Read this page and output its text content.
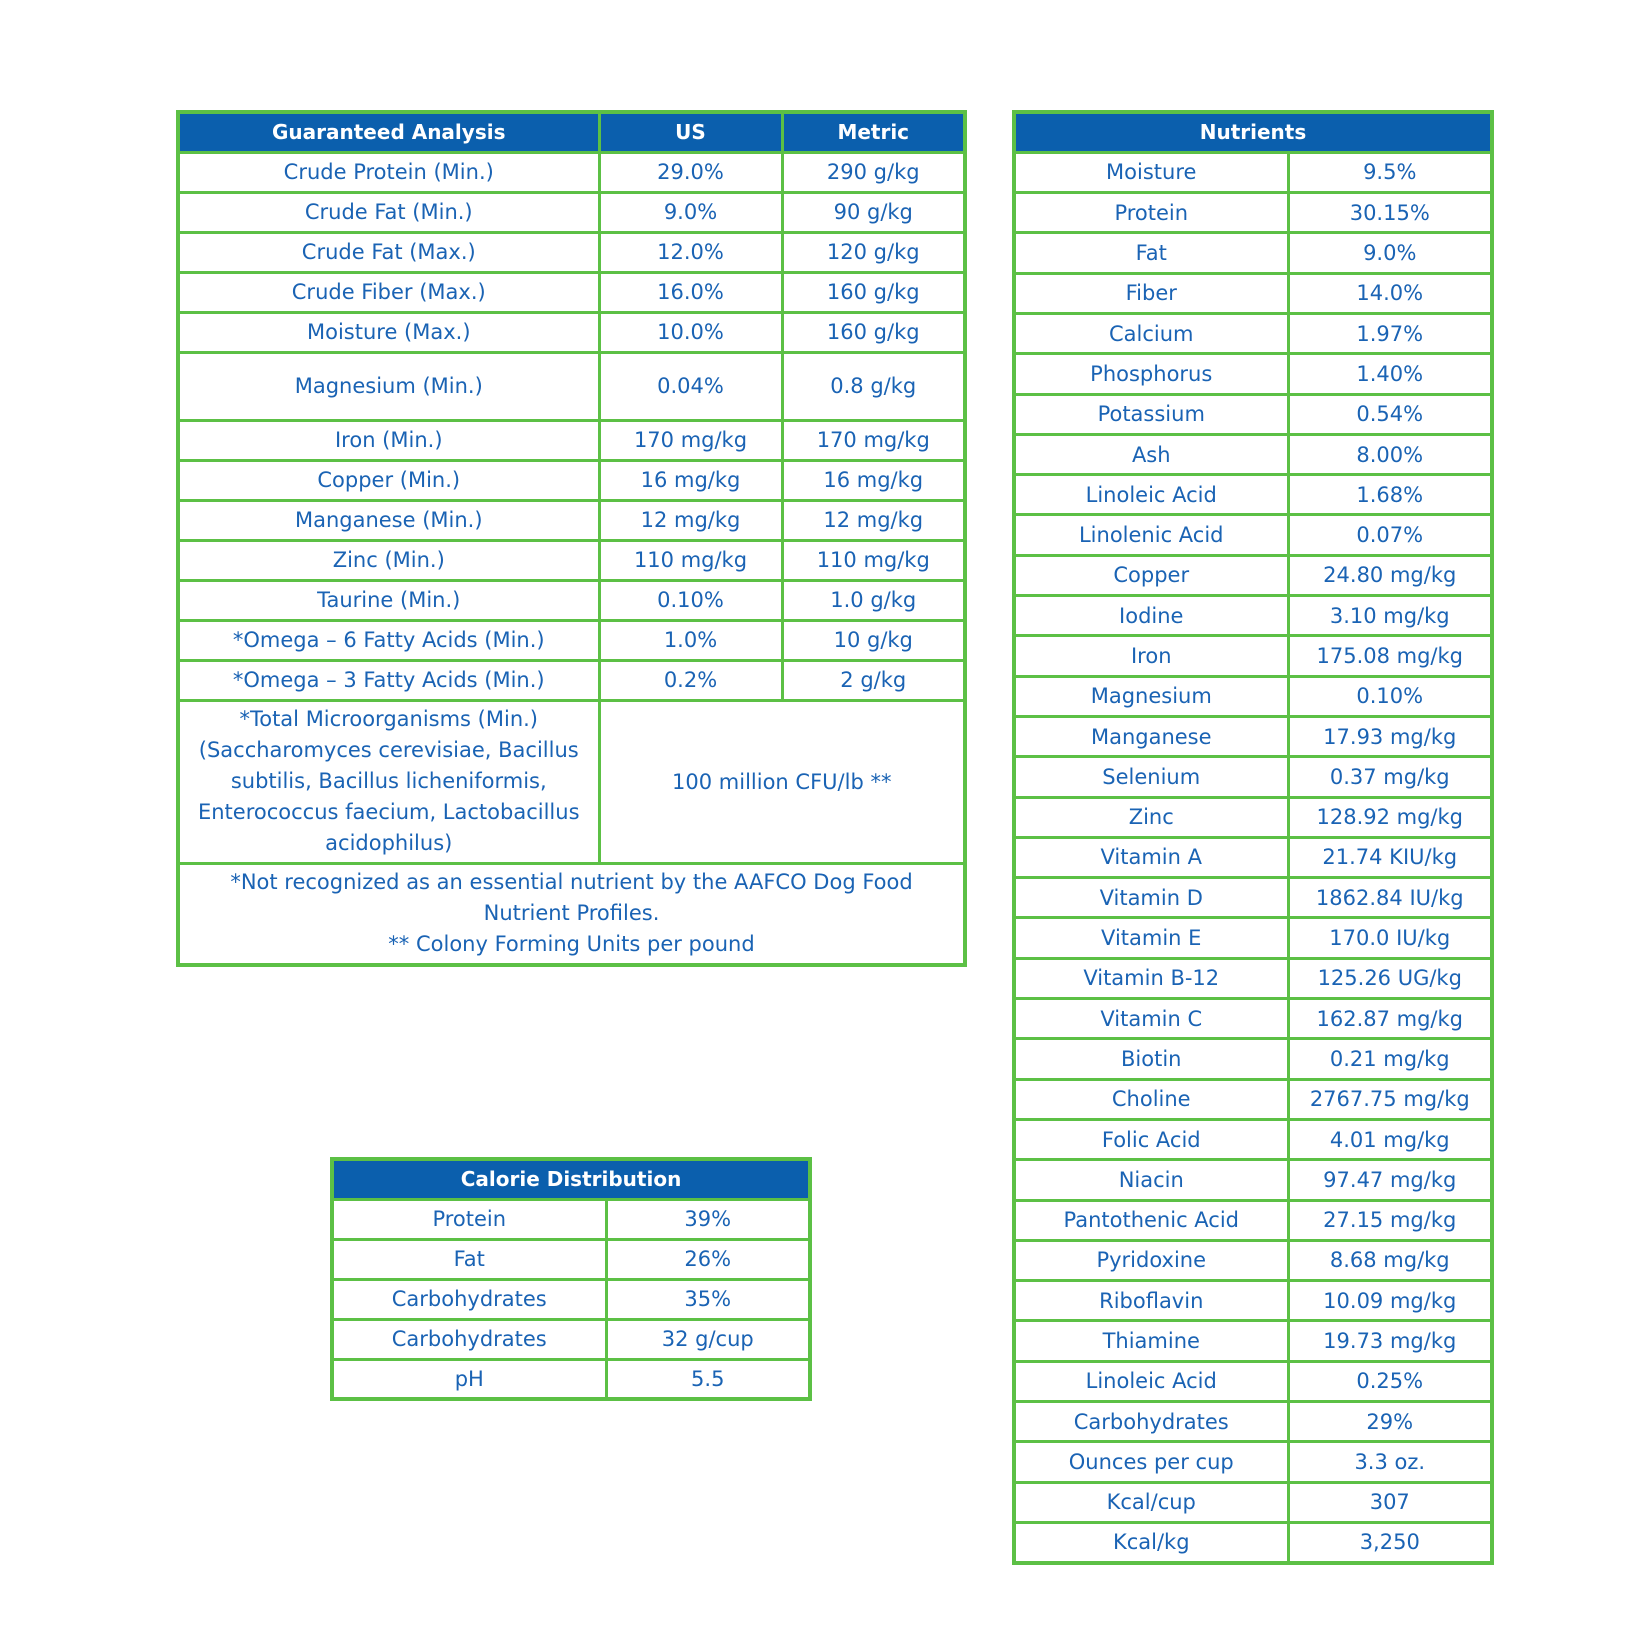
Guaranteed Analysis	US	Metric
Crude Protein (Min.)	29.0%	290 g/kg
Crude Fat (Min.)	9.0%	90 g/kg
Crude Fat (Max.)	12.0%	120 g/kg
Crude Fiber (Max.)	16.0%	160 g/kg
Moisture (Max.)	10.0%	160 g/kg
Magnesium (Min.)	0.04%	0.8 g/kg
Iron (Min.)	170 mg/kg	170 mg/kg
Copper (Min.)	16 mg/kg	16 mg/kg
Manganese (Min.)	12 mg/kg	12 mg/kg
Zinc (Min.)	110 mg/kg	110 mg/kg
Taurine (Min.)	0.10%	1.0 g/kg
*Omega – 6 Fatty Acids (Min.)	1.0%	10 g/kg
*Omega – 3 Fatty Acids (Min.)	0.2%	2 g/kg
*Total Microorganisms (Min.) (Saccharomyces cerevisiae, Bacillus subtilis, Bacillus licheniformis, Enterococcus faecium, Lactobacillus acidophilus)	100 million CFU/lb **	

*Not recognized as an essential nutrient by the AAFCO Dog Food Nutrient Profiles.
** Colony Forming Units per pound		
Nutrients	
Moisture	9.5%
Protein	30.15%
Fat	9.0%
Fiber	14.0%
Calcium	1.97%
Phosphorus	1.40%
Potassium	0.54%
Ash	8.00%
Linoleic Acid	1.68%
Linolenic Acid	0.07%
Copper	24.80 mg/kg
Iodine	3.10 mg/kg
Iron	175.08 mg/kg
Magnesium	0.10%
Manganese	17.93 mg/kg
Selenium	0.37 mg/kg
Zinc	128.92 mg/kg
Vitamin A	21.74 KIU/kg
Vitamin D	1862.84 IU/kg
Vitamin E	170.0 IU/kg
Vitamin B-12	125.26 UG/kg
Vitamin C	162.87 mg/kg
Biotin	0.21 mg/kg
Choline	2767.75 mg/kg
Folic Acid	4.01 mg/kg
Niacin	97.47 mg/kg
Pantothenic Acid	27.15 mg/kg
Pyridoxine	8.68 mg/kg
Riboflavin	10.09 mg/kg
Thiamine	19.73 mg/kg
Linoleic Acid	0.25%
Carbohydrates	29%
Ounces per cup	3.3 oz.
Kcal/cup	307
Kcal/kg	3,250
Calorie Distribution	
Protein	39%
Fat	26%
Carbohydrates	35%
Carbohydrates	32 g/cup
pH	5.5
